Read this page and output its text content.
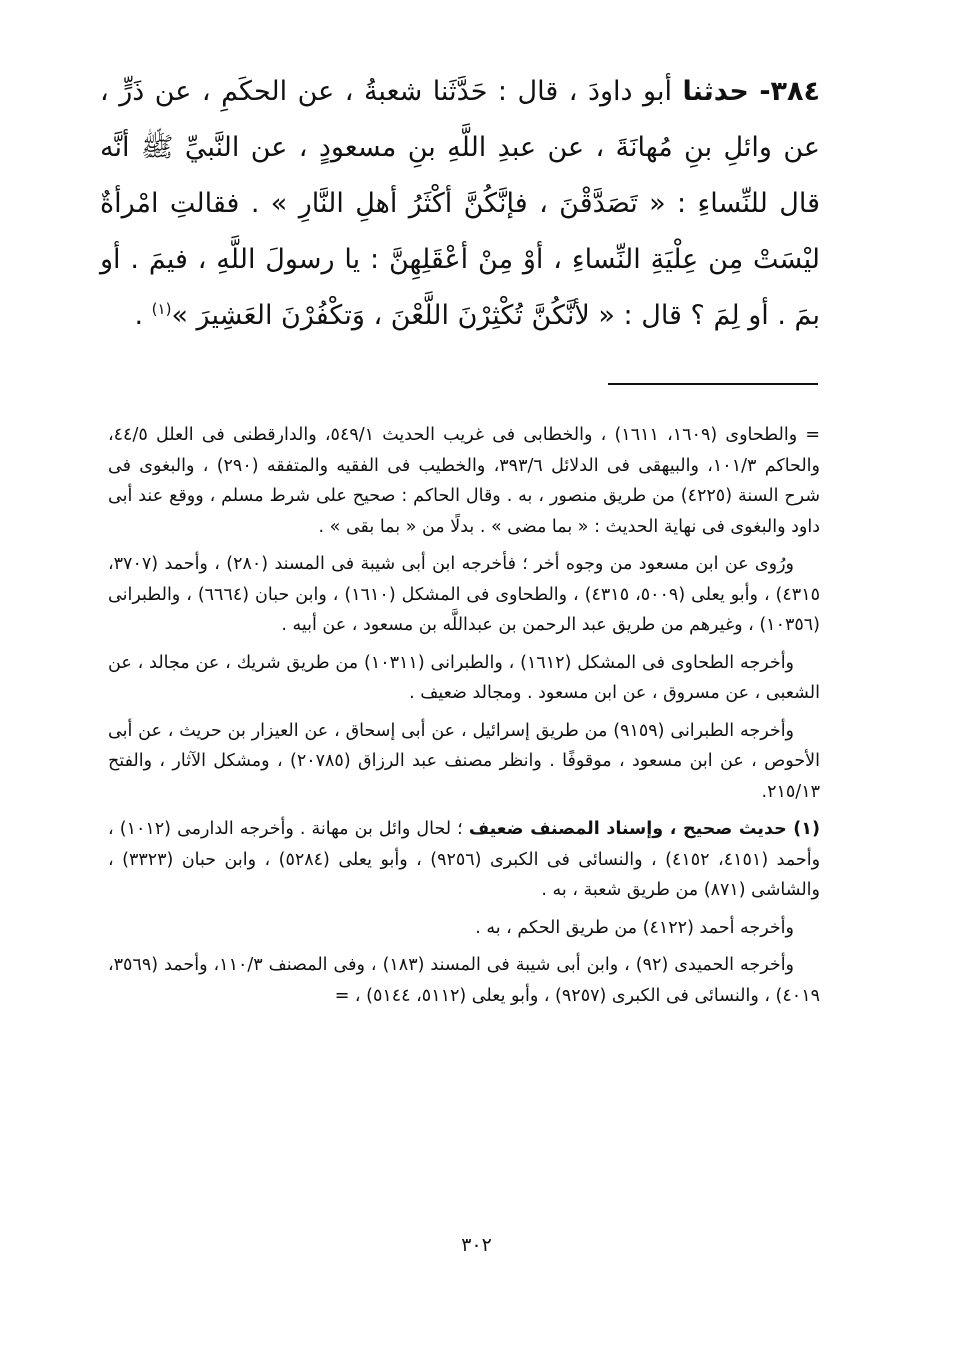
٣٨٤- حدثنا أبو داودَ ، قال : حَدَّثَنا شعبةُ ، عن الحكَمِ ، عن ذَرٍّ ، عن وائلِ بنِ مُهانَةَ ، عن عبدِ اللَّهِ بنِ مسعودٍ ، عن النَّبيِّ ﷺ أنَّه قال للنِّساءِ : « تَصَدَّقْنَ ، فإنَّكُنَّ أكْثَرُ أهلِ النَّارِ » . فقالتِ امْرأةٌ ليْسَتْ مِن عِلْيَةِ النِّساءِ ، أوْ مِنْ أعْقَلِهِنَّ : يا رسولَ اللَّهِ ، فيمَ . أو بمَ . أو لِمَ ؟ قال : « لأنَّكُنَّ تُكْثِرْنَ اللَّعْنَ ، وَتكْفُرْنَ العَشِيرَ »$^{(١)}$ .

= والطحاوى (١٦٠٩، ١٦١١) ، والخطابى فى غريب الحديث ٥٤٩/١، والدارقطنى فى العلل ٤٤/٥، والحاكم ١٠١/٣، والبيهقى فى الدلائل ٣٩٣/٦، والخطيب فى الفقيه والمتفقه (٢٩٠) ، والبغوى فى شرح السنة (٤٢٢٥) من طريق منصور ، به . وقال الحاكم : صحيح على شرط مسلم ، ووقع عند أبى داود والبغوى فى نهاية الحديث : « بما مضى » . بدلًا من « بما بقى » .

ورُوى عن ابن مسعود من وجوه أخر ؛ فأخرجه ابن أبى شيبة فى المسند (٢٨٠) ، وأحمد (٣٧٠٧، ٤٣١٥) ، وأبو يعلى (٥٠٠٩، ٤٣١٥) ، والطحاوى فى المشكل (١٦١٠) ، وابن حبان (٦٦٦٤) ، والطبرانى (١٠٣٥٦) ، وغيرهم من طريق عبد الرحمن بن عبداللَّه بن مسعود ، عن أبيه .

وأخرجه الطحاوى فى المشكل (١٦١٢) ، والطبرانى (١٠٣١١) من طريق شريك ، عن مجالد ، عن الشعبى ، عن مسروق ، عن ابن مسعود . ومجالد ضعيف .

وأخرجه الطبرانى (٩١٥٩) من طريق إسرائيل ، عن أبى إسحاق ، عن العيزار بن حريث ، عن أبى الأحوص ، عن ابن مسعود ، موقوفًا . وانظر مصنف عبد الرزاق (٢٠٧٨٥) ، ومشكل الآثار ، والفتح ٢١٥/١٣.

(١) حديث صحيح ، وإسناد المصنف ضعيف ؛ لحال وائل بن مهانة . وأخرجه الدارمى (١٠١٢) ، وأحمد (٤١٥١، ٤١٥٢) ، والنسائى فى الكبرى (٩٢٥٦) ، وأبو يعلى (٥٢٨٤) ، وابن حبان (٣٣٢٣) ، والشاشى (٨٧١) من طريق شعبة ، به .

وأخرجه أحمد (٤١٢٢) من طريق الحكم ، به .

وأخرجه الحميدى (٩٢) ، وابن أبى شيبة فى المسند (١٨٣) ، وفى المصنف ١١٠/٣، وأحمد (٣٥٦٩، ٤٠١٩) ، والنسائى فى الكبرى (٩٢٥٧) ، وأبو يعلى (٥١١٢، ٥١٤٤) ، =

٣٠٢
